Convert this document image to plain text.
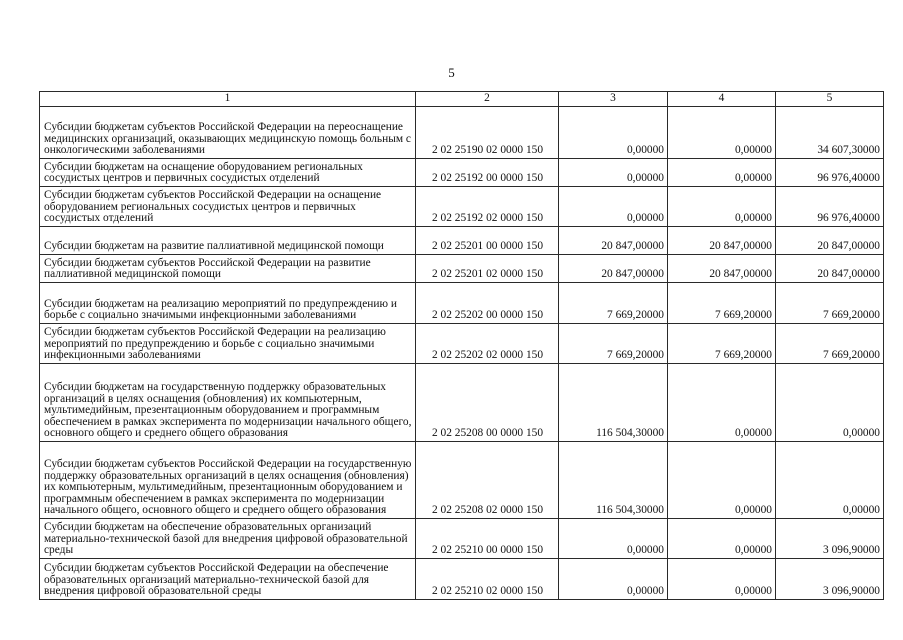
5
1	2	3	4	5
Субсидии бюджетам субъектов Российской Федерации на переоснащение медицинских организаций, оказывающих медицинскую помощь больным с онкологическими заболеваниями	2 02 25190 02 0000 150	0,00000	0,00000	34 607,30000
Субсидии бюджетам на оснащение оборудованием региональных сосудистых центров и первичных сосудистых отделений	2 02 25192 00 0000 150	0,00000	0,00000	96 976,40000
Субсидии бюджетам субъектов Российской Федерации на оснащение оборудованием региональных сосудистых центров и первичных сосудистых отделений	2 02 25192 02 0000 150	0,00000	0,00000	96 976,40000
Субсидии бюджетам на развитие паллиативной медицинской помощи	2 02 25201 00 0000 150	20 847,00000	20 847,00000	20 847,00000
Субсидии бюджетам субъектов Российской Федерации на развитие паллиативной медицинской помощи	2 02 25201 02 0000 150	20 847,00000	20 847,00000	20 847,00000
Субсидии бюджетам на реализацию мероприятий по предупреждению и борьбе с социально значимыми инфекционными заболеваниями	2 02 25202 00 0000 150	7 669,20000	7 669,20000	7 669,20000
Субсидии бюджетам субъектов Российской Федерации на реализацию мероприятий по предупреждению и борьбе с социально значимыми инфекционными заболеваниями	2 02 25202 02 0000 150	7 669,20000	7 669,20000	7 669,20000
Субсидии бюджетам на государственную поддержку образовательных организаций в целях оснащения (обновления) их компьютерным, мультимедийным, презентационным оборудованием и программным обеспечением в рамках эксперимента по модернизации начального общего, основного общего и среднего общего образования	2 02 25208 00 0000 150	116 504,30000	0,00000	0,00000
Субсидии бюджетам субъектов Российской Федерации на государственную поддержку образовательных организаций в целях оснащения (обновления) их компьютерным, мультимедийным, презентационным оборудованием и программным обеспечением в рамках эксперимента по модернизации начального общего, основного общего и среднего общего образования	2 02 25208 02 0000 150	116 504,30000	0,00000	0,00000
Субсидии бюджетам на обеспечение образовательных организаций материально-технической базой для внедрения цифровой образовательной среды	2 02 25210 00 0000 150	0,00000	0,00000	3 096,90000
Субсидии бюджетам субъектов Российской Федерации на обеспечение образовательных организаций материально-технической базой для внедрения цифровой образовательной среды	2 02 25210 02 0000 150	0,00000	0,00000	3 096,90000
